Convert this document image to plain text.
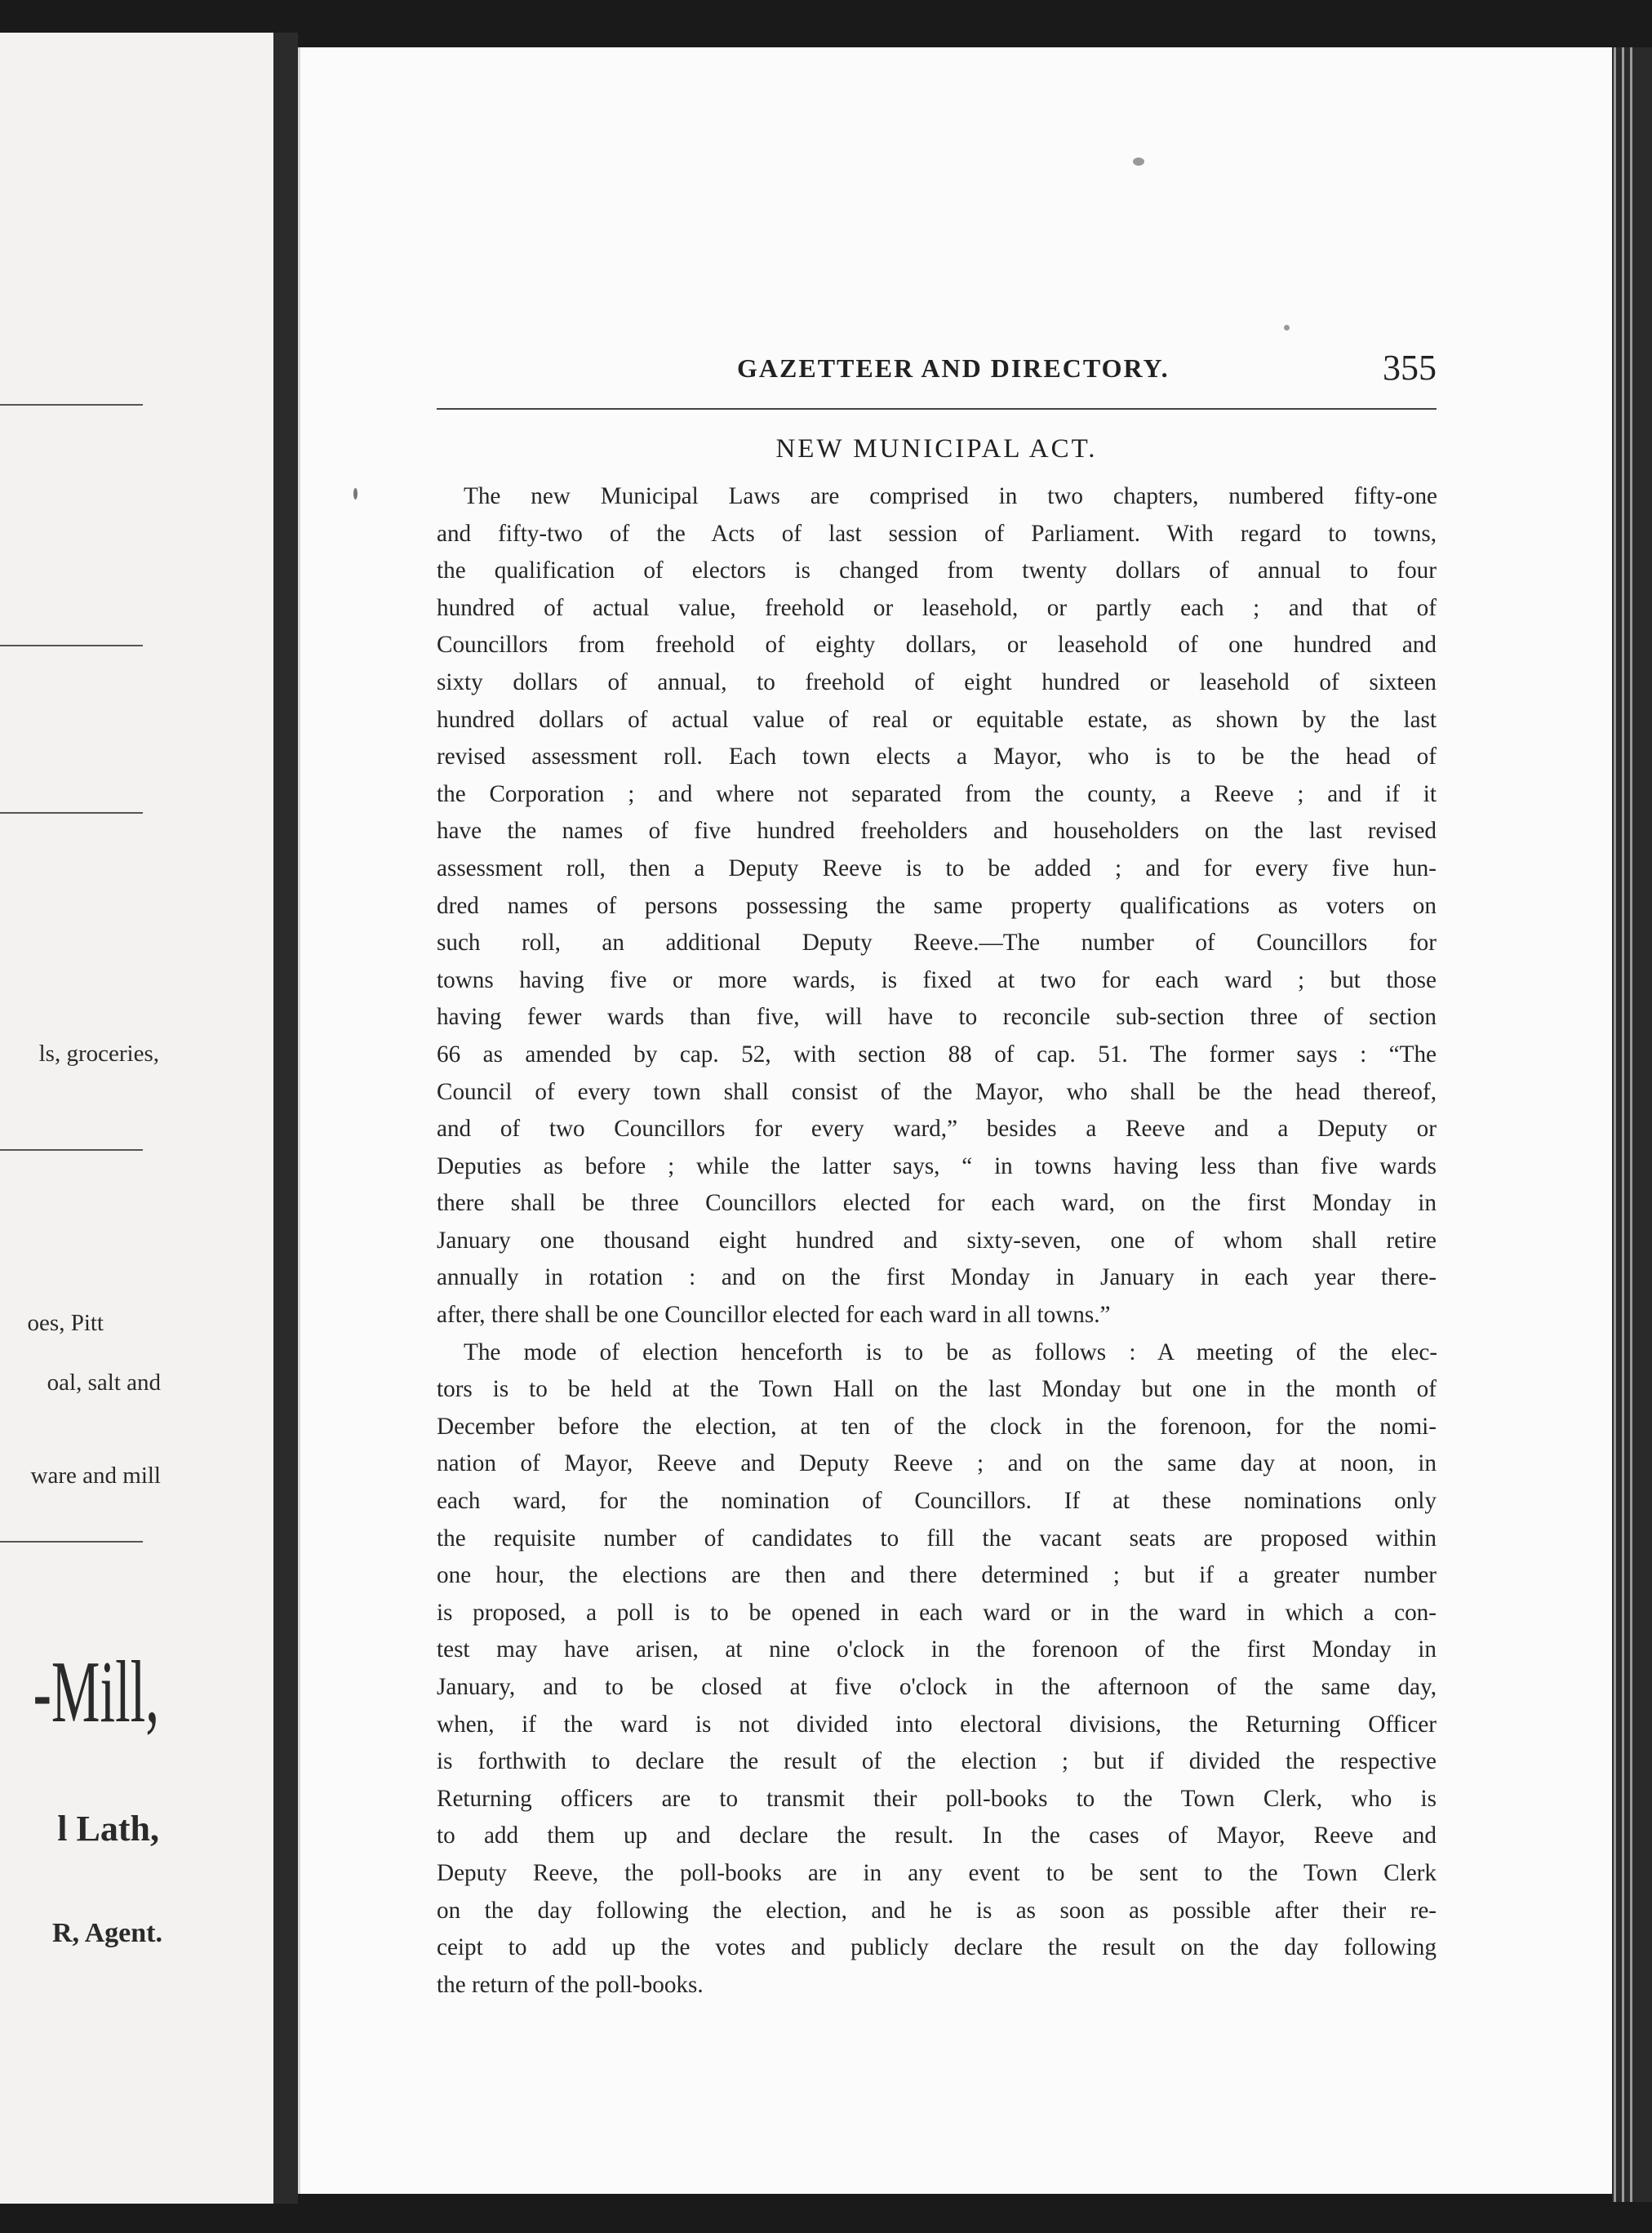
ls, groceries,
oes, Pitt
oal, salt and
ware and mill
-Mill,
l Lath,
R, Agent.
GAZETTEER AND DIRECTORY.	355
NEW MUNICIPAL ACT.
The new Municipal Laws are comprised in two chapters, numbered fifty-one
and fifty-two of the Acts of last session of Parliament. With regard to towns,
the qualification of electors is changed from twenty dollars of annual to four
hundred of actual value, freehold or leasehold, or partly each ; and that of
Councillors from freehold of eighty dollars, or leasehold of one hundred and
sixty dollars of annual, to freehold of eight hundred or leasehold of sixteen
hundred dollars of actual value of real or equitable estate, as shown by the last
revised assessment roll. Each town elects a Mayor, who is to be the head of
the Corporation ; and where not separated from the county, a Reeve ; and if it
have the names of five hundred freeholders and householders on the last revised
assessment roll, then a Deputy Reeve is to be added ; and for every five hun-
dred names of persons possessing the same property qualifications as voters on
such roll, an additional Deputy Reeve.—The number of Councillors for
towns having five or more wards, is fixed at two for each ward ; but those
having fewer wards than five, will have to reconcile sub-section three of section
66 as amended by cap. 52, with section 88 of cap. 51. The former says : “The
Council of every town shall consist of the Mayor, who shall be the head thereof,
and of two Councillors for every ward,” besides a Reeve and a Deputy or
Deputies as before ; while the latter says, “ in towns having less than five wards
there shall be three Councillors elected for each ward, on the first Monday in
January one thousand eight hundred and sixty-seven, one of whom shall retire
annually in rotation : and on the first Monday in January in each year there-
after, there shall be one Councillor elected for each ward in all towns.”
The mode of election henceforth is to be as follows : A meeting of the elec-
tors is to be held at the Town Hall on the last Monday but one in the month of
December before the election, at ten of the clock in the forenoon, for the nomi-
nation of Mayor, Reeve and Deputy Reeve ; and on the same day at noon, in
each ward, for the nomination of Councillors. If at these nominations only
the requisite number of candidates to fill the vacant seats are proposed within
one hour, the elections are then and there determined ; but if a greater number
is proposed, a poll is to be opened in each ward or in the ward in which a con-
test may have arisen, at nine o'clock in the forenoon of the first Monday in
January, and to be closed at five o'clock in the afternoon of the same day,
when, if the ward is not divided into electoral divisions, the Returning Officer
is forthwith to declare the result of the election ; but if divided the respective
Returning officers are to transmit their poll-books to the Town Clerk, who is
to add them up and declare the result. In the cases of Mayor, Reeve and
Deputy Reeve, the poll-books are in any event to be sent to the Town Clerk
on the day following the election, and he is as soon as possible after their re-
ceipt to add up the votes and publicly declare the result on the day following
the return of the poll-books.
